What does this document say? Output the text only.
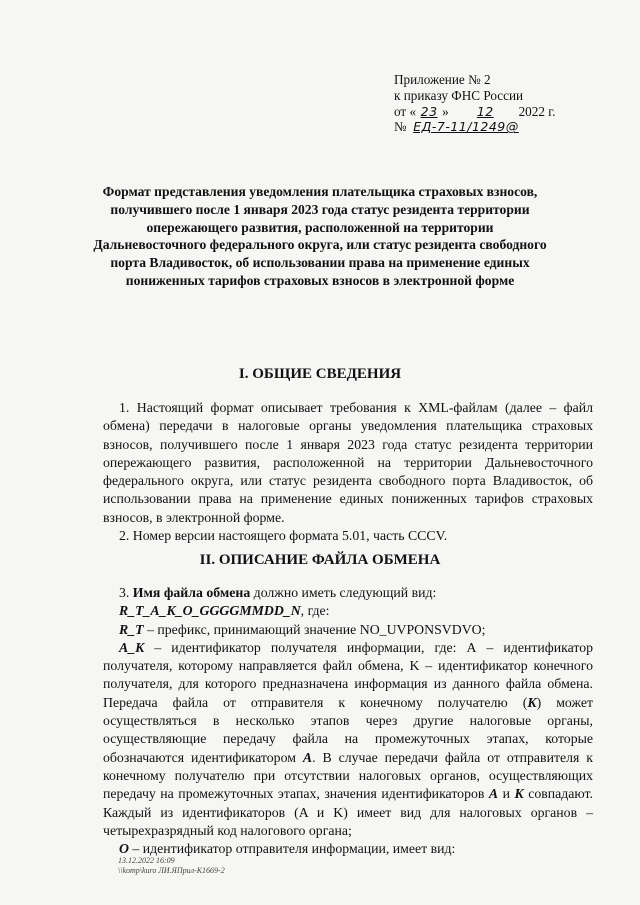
Приложение № 2
к приказу ФНС России
от « 23 » 12 2022 г.
№ ЕД-7-11/1249@
Формат представления уведомления плательщика страховых взносов, получившего после 1 января 2023 года статус резидента территории опережающего развития, расположенной на территории Дальневосточного федерального округа, или статус резидента свободного порта Владивосток, об использовании права на применение единых пониженных тарифов страховых взносов в электронной форме
I. ОБЩИЕ СВЕДЕНИЯ

1. Настоящий формат описывает требования к XML-файлам (далее – файл обмена) передачи в налоговые органы уведомления плательщика страховых взносов, получившего после 1 января 2023 года статус резидента территории опережающего развития, расположенной на территории Дальневосточного федерального округа, или статус резидента свободного порта Владивосток, об использовании права на применение единых пониженных тарифов страховых взносов, в электронной форме.

2. Номер версии настоящего формата 5.01, часть CCCV.

II. ОПИСАНИЕ ФАЙЛА ОБМЕНА

3. Имя файла обмена должно иметь следующий вид:

R_T_A_K_O_GGGGMMDD_N, где:

R_T – префикс, принимающий значение NO_UVPONSVDVO;

A_K – идентификатор получателя информации, где: А – идентификатор получателя, которому направляется файл обмена, K – идентификатор конечного получателя, для которого предназначена информация из данного файла обмена. Передача файла от отправителя к конечному получателю (K) может осуществляться в несколько этапов через другие налоговые органы, осуществляющие передачу файла на промежуточных этапах, которые обозначаются идентификатором А. В случае передачи файла от отправителя к конечному получателю при отсутствии налоговых органов, осуществляющих передачу на промежуточных этапах, значения идентификаторов А и K совпадают. Каждый из идентификаторов (A и K) имеет вид для налоговых органов – четырехразрядный код налогового органа;

O – идентификатор отправителя информации, имеет вид:

13.12.2022 16:09
\\komp\kuro ЛИ.ЯПрил-К1669-2
